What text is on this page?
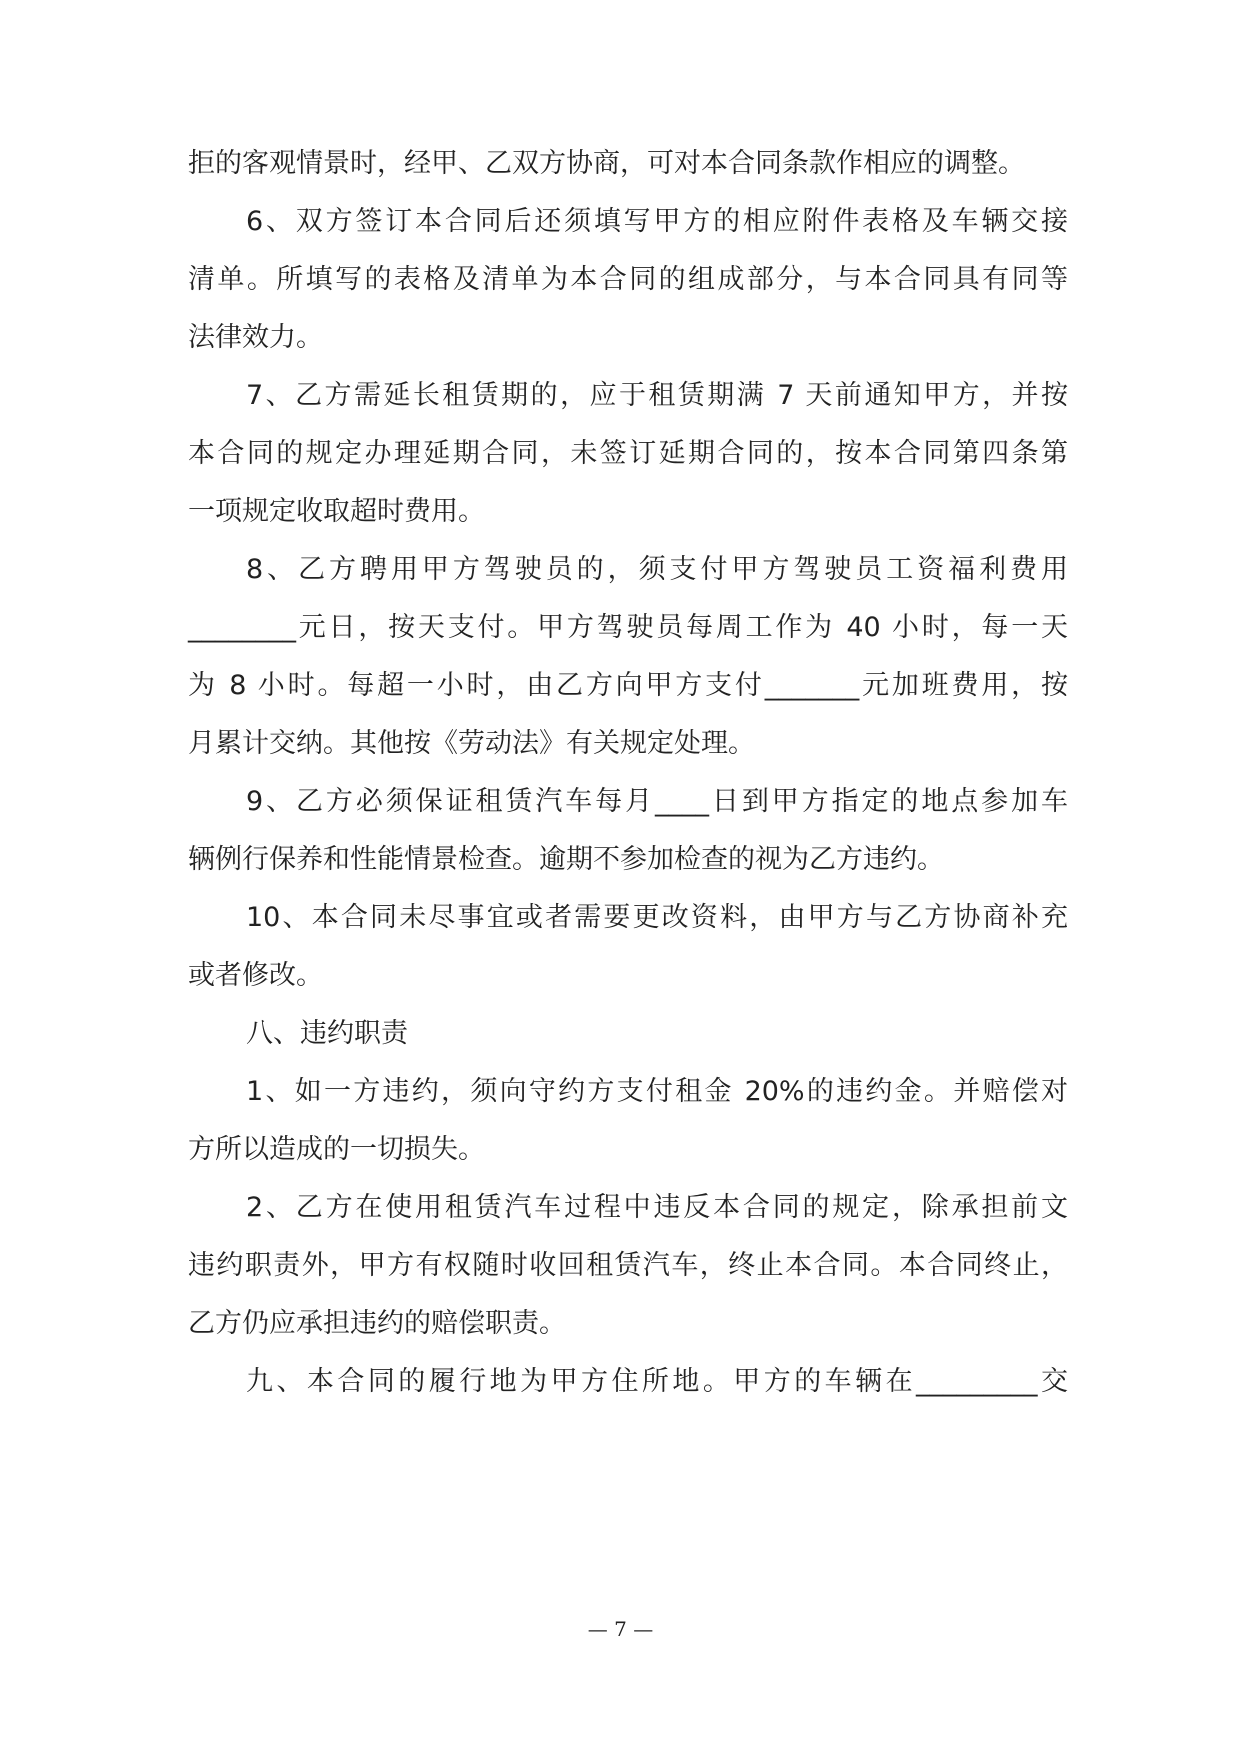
拒的客观情景时，经甲、乙双方协商，可对本合同条款作相应的调整。
6、双方签订本合同后还须填写甲方的相应附件表格及车辆交接
清单。所填写的表格及清单为本合同的组成部分，与本合同具有同等
法律效力。
7、乙方需延长租赁期的，应于租赁期满 7 天前通知甲方，并按
本合同的规定办理延期合同，未签订延期合同的，按本合同第四条第
一项规定收取超时费用。
8、乙方聘用甲方驾驶员的，须支付甲方驾驶员工资福利费用
________元日，按天支付。甲方驾驶员每周工作为 40 小时，每一天
为 8 小时。每超一小时，由乙方向甲方支付_______元加班费用，按
月累计交纳。其他按《劳动法》有关规定处理。
9、乙方必须保证租赁汽车每月____日到甲方指定的地点参加车
辆例行保养和性能情景检查。逾期不参加检查的视为乙方违约。
10、本合同未尽事宜或者需要更改资料，由甲方与乙方协商补充
或者修改。
八、违约职责
1、如一方违约，须向守约方支付租金 20%的违约金。并赔偿对
方所以造成的一切损失。
2、乙方在使用租赁汽车过程中违反本合同的规定，除承担前文
违约职责外，甲方有权随时收回租赁汽车，终止本合同。本合同终止，
乙方仍应承担违约的赔偿职责。
九、本合同的履行地为甲方住所地。甲方的车辆在_________交
— 7 —
